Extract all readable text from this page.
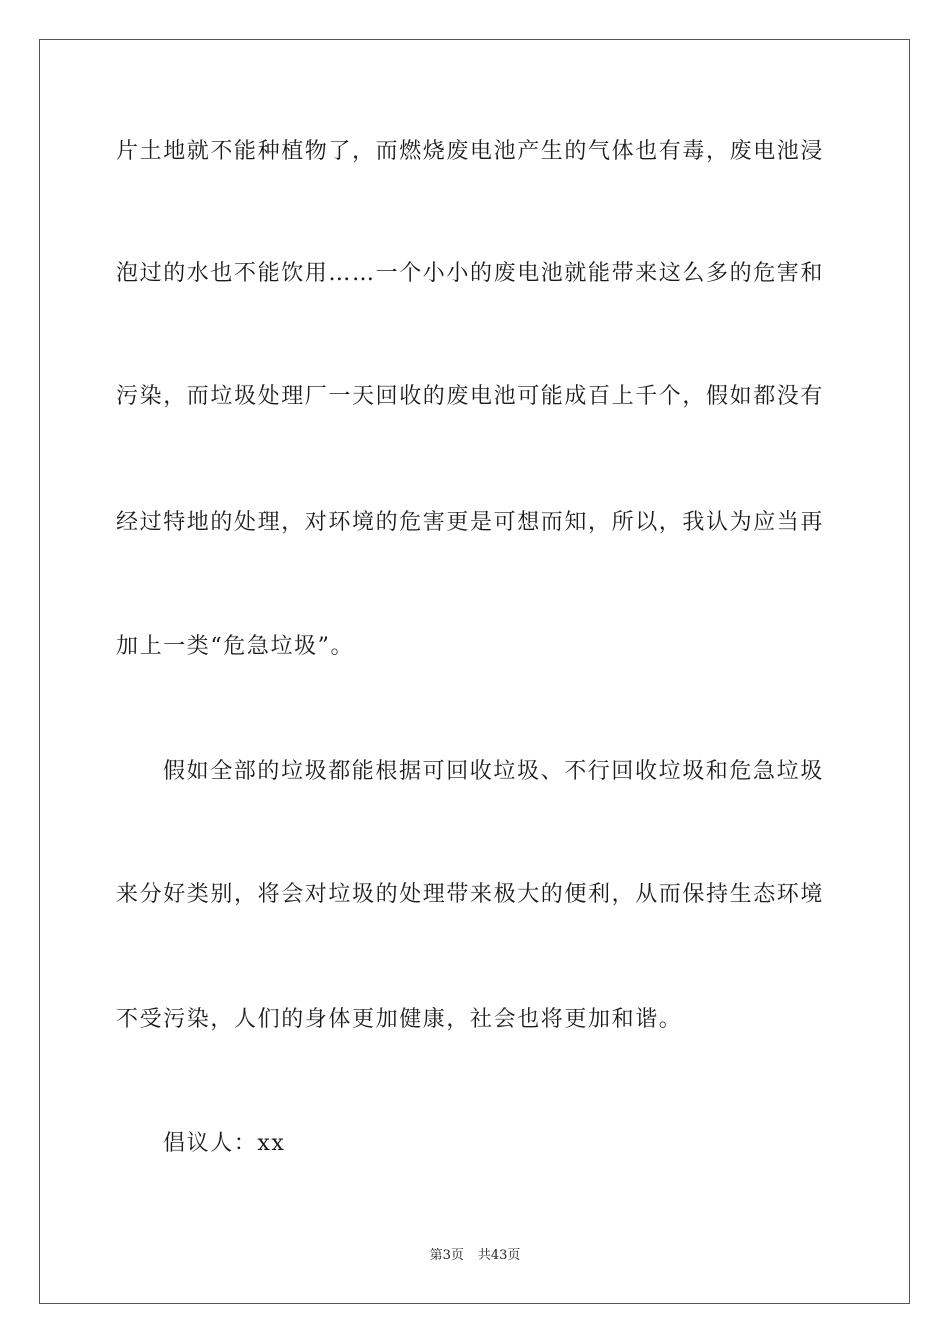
片土地就不能种植物了，而燃烧废电池产生的气体也有毒，废电池浸
泡过的水也不能饮用……一个小小的废电池就能带来这么多的危害和
污染，而垃圾处理厂一天回收的废电池可能成百上千个，假如都没有
经过特地的处理，对环境的危害更是可想而知，所以，我认为应当再
加上一类“危急垃圾”。
假如全部的垃圾都能根据可回收垃圾、不行回收垃圾和危急垃圾
来分好类别，将会对垃圾的处理带来极大的便利，从而保持生态环境
不受污染，人们的身体更加健康，社会也将更加和谐。
倡议人：xx
第3页 共43页
